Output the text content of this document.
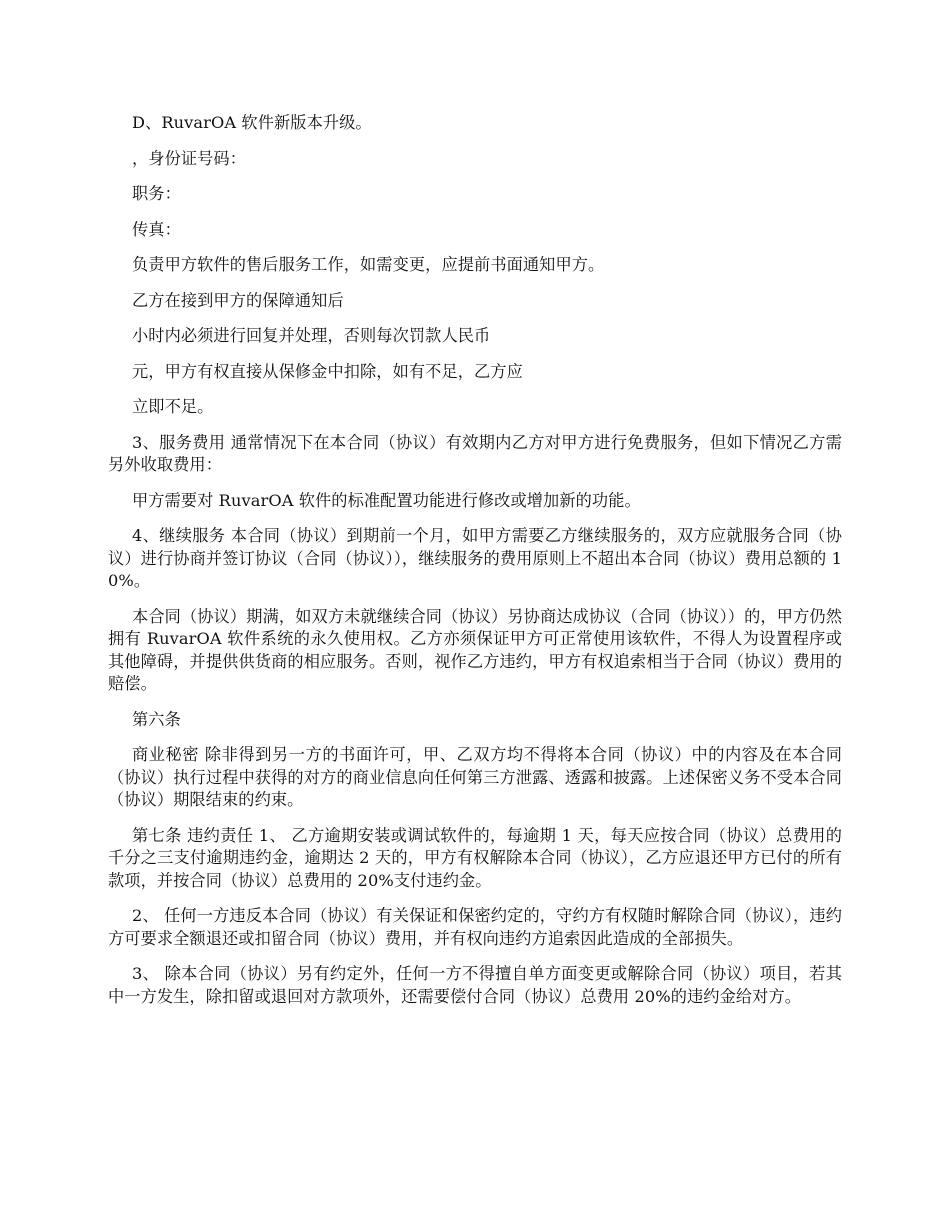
D、RuvarOA 软件新版本升级。

，身份证号码：

职务：

传真：

负责甲方软件的售后服务工作，如需变更，应提前书面通知甲方。

乙方在接到甲方的保障通知后

小时内必须进行回复并处理，否则每次罚款人民币

元，甲方有权直接从保修金中扣除，如有不足，乙方应

立即不足。

3、服务费用 通常情况下在本合同（协议）有效期内乙方对甲方进行免费服务，但如下情况乙方需另外收取费用：

甲方需要对 RuvarOA 软件的标准配置功能进行修改或增加新的功能。

4、继续服务 本合同（协议）到期前一个月，如甲方需要乙方继续服务的，双方应就服务合同（协议）进行协商并签订协议（合同（协议）），继续服务的费用原则上不超出本合同（协议）费用总额的 10%。

本合同（协议）期满，如双方未就继续合同（协议）另协商达成协议（合同（协议））的，甲方仍然拥有 RuvarOA 软件系统的永久使用权。乙方亦须保证甲方可正常使用该软件，不得人为设置程序或其他障碍，并提供供货商的相应服务。否则，视作乙方违约，甲方有权追索相当于合同（协议）费用的赔偿。

第六条

商业秘密 除非得到另一方的书面许可，甲、乙双方均不得将本合同（协议）中的内容及在本合同（协议）执行过程中获得的对方的商业信息向任何第三方泄露、透露和披露。上述保密义务不受本合同（协议）期限结束的约束。

第七条 违约责任 1、 乙方逾期安装或调试软件的，每逾期 1 天，每天应按合同（协议）总费用的千分之三支付逾期违约金，逾期达 2 天的，甲方有权解除本合同（协议），乙方应退还甲方已付的所有款项，并按合同（协议）总费用的 20%支付违约金。

2、 任何一方违反本合同（协议）有关保证和保密约定的，守约方有权随时解除合同（协议），违约方可要求全额退还或扣留合同（协议）费用，并有权向违约方追索因此造成的全部损失。

3、 除本合同（协议）另有约定外，任何一方不得擅自单方面变更或解除合同（协议）项目，若其中一方发生，除扣留或退回对方款项外，还需要偿付合同（协议）总费用 20%的违约金给对方。
